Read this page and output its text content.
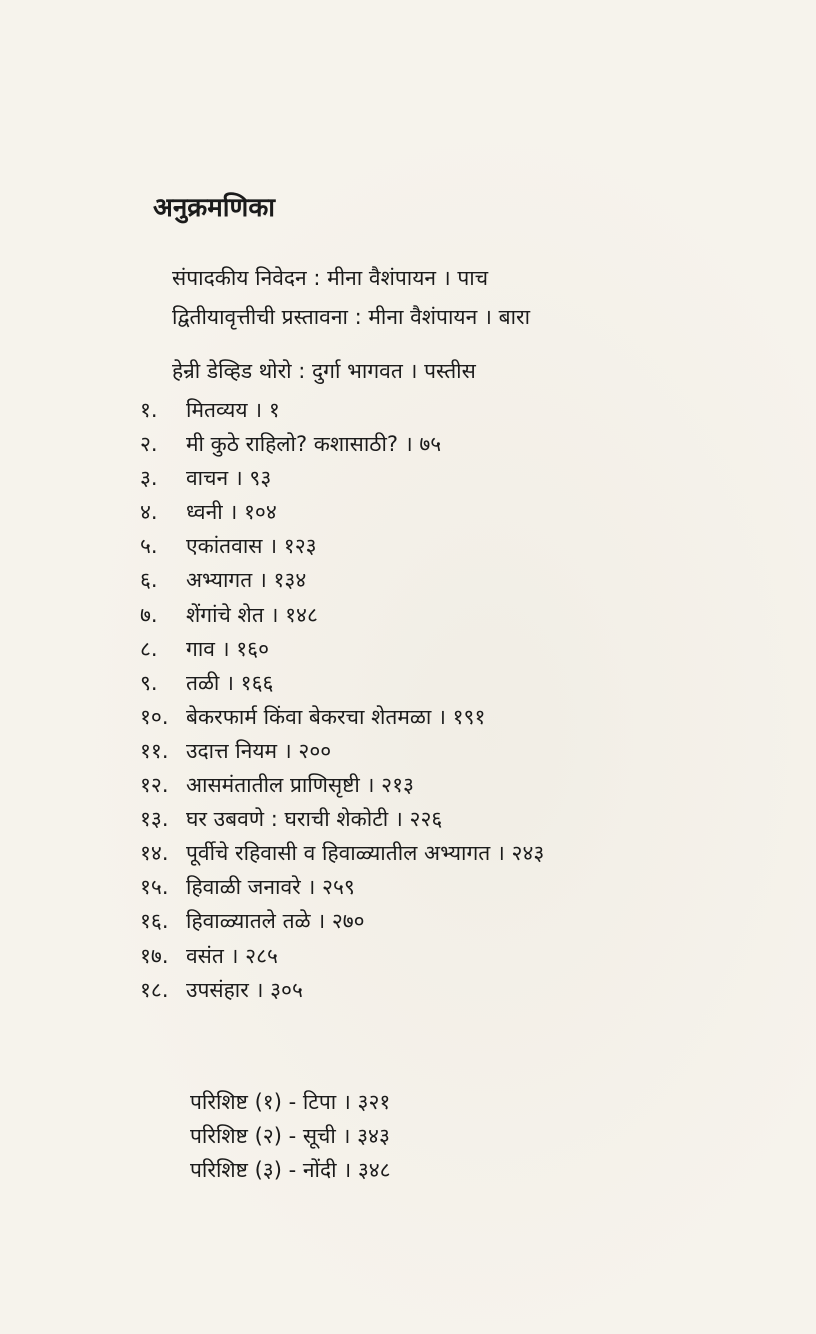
अनुक्रमणिका
संपादकीय निवेदन : मीना वैशंपायन । पाच
द्वितीयावृत्तीची प्रस्तावना : मीना वैशंपायन । बारा
हेन्री डेव्हिड थोरो : दुर्गा भागवत । पस्तीस
१.	मितव्यय । १
२.	मी कुठे राहिलो? कशासाठी? । ७५
३.	वाचन । ९३
४.	ध्वनी । १०४
५.	एकांतवास । १२३
६.	अभ्यागत । १३४
७.	शेंगांचे शेत । १४८
८.	गाव । १६०
९.	तळी । १६६
१०. बेकरफार्म किंवा बेकरचा शेतमळा । १९१
११. उदात्त नियम । २००
१२. आसमंतातील प्राणिसृष्टी । २१३
१३. घर उबवणे : घराची शेकोटी । २२६
१४. पूर्वीचे रहिवासी व हिवाळ्यातील अभ्यागत । २४३
१५. हिवाळी जनावरे । २५९
१६. हिवाळ्यातले तळे । २७०
१७. वसंत । २८५
१८. उपसंहार । ३०५
परिशिष्ट (१) - टिपा । ३२१
परिशिष्ट (२) - सूची । ३४३
परिशिष्ट (३) - नोंदी । ३४८
